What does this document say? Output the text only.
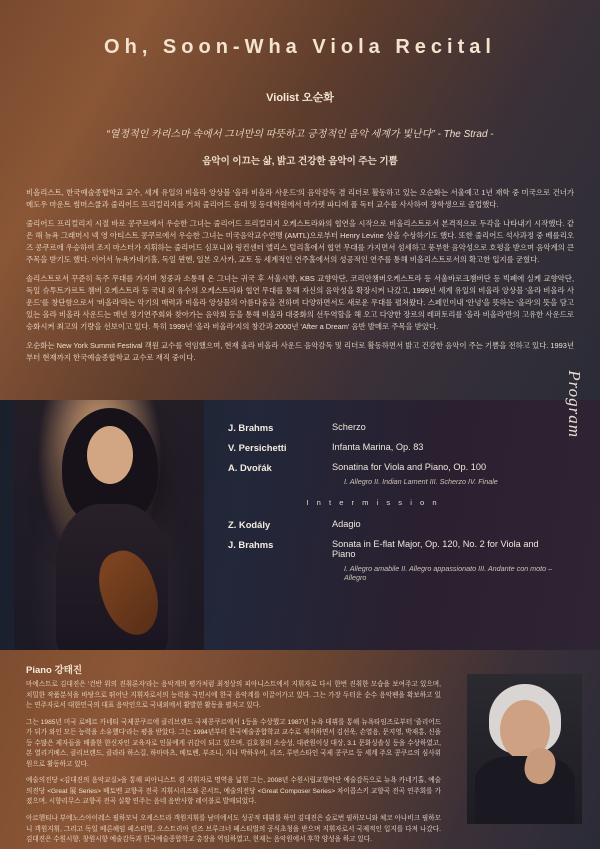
Oh, Soon-Wha Viola Recital
Violist 오순화
“열정적인 카리스마 속에서 그녀만의 따뜻하고 긍정적인 음악 세계가 빛난다” - The Strad -
음악이 이끄는 삶, 밝고 건강한 음악이 주는 기쁨

비올리스트, 한국예술종합학교 교수, 세계 유일의 비올라 앙상블 '올라 비올라 사운드'의 음악감독 겸 리더로 활동하고 있는 오순화는 서울예고 1년 재학 중 미국으로 건너가 메도우 마운트 썸머스쿨과 줄리어드 프리컬리지를 거쳐 줄리어드 음대 및 동대학원에서 마가렛 파디에 폴 독터 교수를 사사하여 장학생으로 졸업했다.

줄리어드 프리컬리지 시절 바로 콩쿠르에서 우승한 그녀는 줄리어드 프리컬리지 오케스트라와의 협연을 시작으로 비올리스트로서 본격적으로 두각을 나타내기 시작했다. 같은 해 뉴욕 그래머시 넥 영 아티스트 콩쿠르에서 우승한 그녀는 미국음악교수연맹 (AMTL)으로부터 Henry Levine 상을 수상하기도 했다. 또한 줄리어드 석사과정 중 베를리오즈 콩쿠르에 우승하여 조지 마스터가 지휘하는 줄리어드 심포니와 링컨센터 앨리스 털리홀에서 협연 무대를 가지면서 섬세하고 풍부한 음악성으로 호평을 받으며 음악계의 큰 주목을 받기도 했다. 이어서 뉴욕카네기홀, 독일 뮌헨, 일본 오사카, 교토 등 세계적인 연주홀에서의 성공적인 연주를 통해 비올리스트로서의 확고한 입지를 굳혔다.

솔리스트로서 꾸준히 독주 무대를 가지며 청중과 소통해 온 그녀는 귀국 후 서울시향, KBS 교향악단, 코리안챔버오케스트라 등 서울바로크챔버단 등 빅폐에 실케 교향악단, 독일 슈투트가르트 챔버 오케스트라 등 국내 외 유수의 오케스트라와 협연 무대를 통해 자신의 음악성을 확장시켜 나갔고, 1999년 세계 유일의 비올라 앙상블 '올라 비올라 사운드'를 창단함으로서 '비올라'라는 악기의 매력과 비올라 앙상블의 아름다움을 전하며 다양하면서도 새로운 무대를 펼쳐왔다. 스페인이내 '안녕'을 뜻하는 '올라'의 뜻을 담고 있는 올라 비올라 사운드는 매년 정기연주회와 찾아가는 음악회 등을 통해 비올라 대중화의 선두역할을 해 오고 다양한 장르의 레퍼토리를 '올라 비올라'만의 고유한 사운드로 승화시켜 최고의 기량을 선보이고 있다. 특히 1999년 '올라 비올라'지의 창간과 2000년 'After a Dream' 음반 발매로 주목을 받았다.

오순화는 New York Summit Festival 객원 교수를 역임했으며, 현재 올라 비올라 사운드 음악감독 및 리더로 활동하면서 밝고 건강한 음악이 주는 기쁨을 전하고 있다. 1993년부터 현재까지 한국예술종합학교 교수로 재직 중이다.

J. Brahms	Scherzo
V. Persichetti	Infanta Marina, Op. 83
A. Dvořák	Sonatina for Viola and Piano, Op. 100
I. Allegro II. Indian Lament III. Scherzo IV. Finale
I n t e r m i s s i o n
Z. Kodály	Adagio
J. Brahms	Sonata in E-flat Major, Op. 120, No. 2 for Viola and Piano
I. Allegro amabile II. Allegro appassionato III. Andante con moto – Allegro
Program
Piano 강태진

마에스트로 김대진은 '건반 위의 진취론자'라는 음악계의 평가처럼 최정상의 피아니스트에서 지휘자로 다시 한번 진취한 모습을 보여주고 있으며, 치밀한 작품분석을 바탕으로 뛰어난 지휘자로서의 능력을 국민시에 한국 음악계를 이끌어가고 있다. 그는 가장 두터운 순수 음악팬을 확보하고 있는 연주자로서 대한민국의 대표 음악인으로 국내외에서 활발한 활동을 펼치고 있다.

그는 1985년 미국 로베르 카네티 국제콩쿠르에 클리브랜드 국제콩쿠르에서 1등을 수상했고 1987년 뉴욕 데뷔를 통해 뉴욕타임즈로부터 '줄리어드가 뒤가 와인 모든 능력을 소유했다'라는 평을 받았다. 그는 1994년부터 한국예술종합학교 교수로 재직하면서 김선욱, 손열음, 문지영, 박재홍, 신을 등 수많은 제자들을 배출한 한신자인 교육자로 인물에게 귀감이 되고 있으며, 김호철의 소승성, 대관원이싱 대상, 3.1 문화싱솔싱 등을 수상하였고, 본 열리거베스, 클리브랜드, 클라라 하스길, 하마마츠, 베토벤, 부조니, 지나 박하우어, 리즈, 루빈스타인 국제 콩쿠르 등 세계 주요 콩쿠르의 심사위원으로 활동하고 있다.

예술의전당 <김대진의 음악교실>을 통해 피아니스트 겸 지휘자로 명역을 넓힌 그는, 2008년 수원시립교향악단 예술감독으로 뉴욕 카네기홀, 예술의전당 <Great 展 Series> 베토벤 교향곡 전곡 지휘시리즈와 콘서트, 예술의전당 <Great Composer Series> 차이콥스키 교향곡 전곡 연주회를 가졌으며, 시향리무스 교향곡 전곡 실황 연주는 음네 음반사항 레이블로 발매되었다.

아르헨티나 부에노스아이레스 필하모닉 오케스트라 객원지휘를 남미에서도 성공적 데뷔를 하인 김대진은 슬로번 필하모니와 체코 아나비크 필하모니 객원지휘, 그리고 독일 베른헤임 페스티벌, 오스트리아 린즈 브루크너 페스티벌의 공식초청을 받으며 지휘자로서 국제적인 입지를 다져 나갔다. 김대진은 수원시향, 창원시향 예술감독과 한국예술종합학교 총장을 역임하였고, 현재는 음악원에서 후학 양성을 하고 있다.
